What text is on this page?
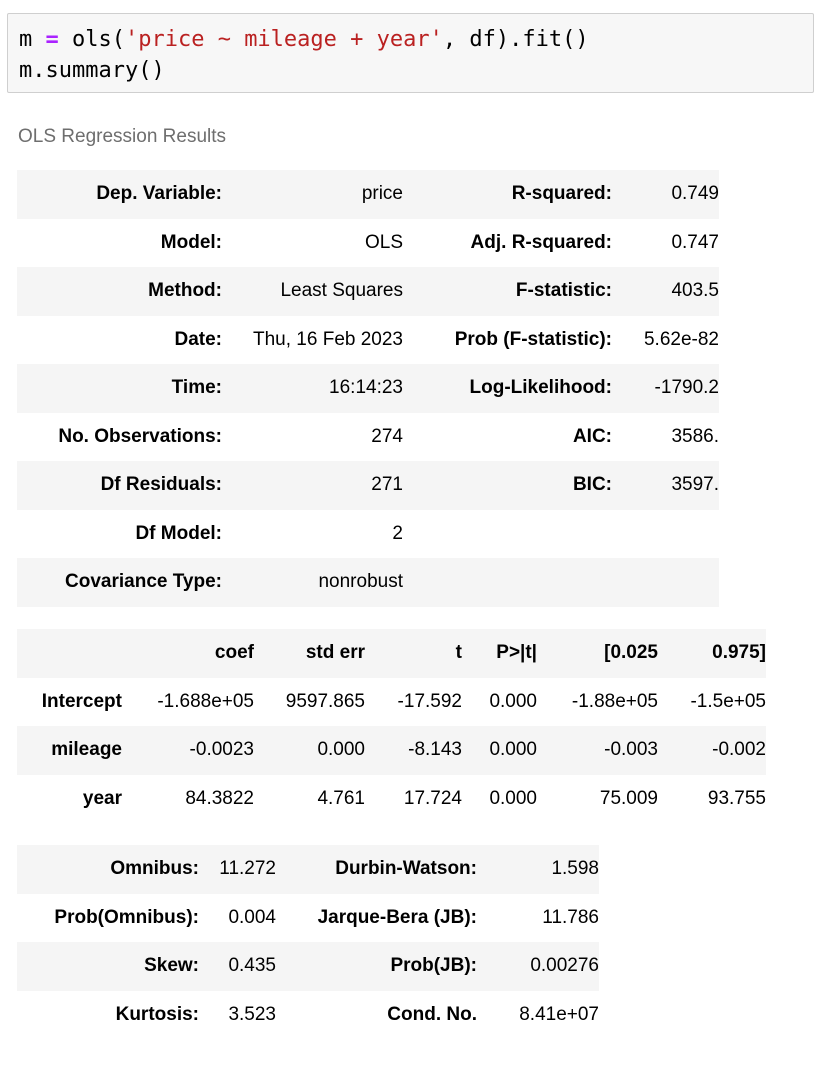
m = ols('price ~ mileage + year', df).fit()
m.summary()
OLS Regression Results
Dep. Variable:	price	R-squared:	0.749
Model:	OLS	Adj. R-squared:	0.747
Method:	Least Squares	F-statistic:	403.5
Date:	Thu, 16 Feb 2023	Prob (F-statistic):	5.62e-82
Time:	16:14:23	Log-Likelihood:	-1790.2
No. Observations:	274	AIC:	3586.
Df Residuals:	271	BIC:	3597.
Df Model:	2		
Covariance Type:	nonrobust		
	coef	std err	t	P>|t|	[0.025	0.975]
Intercept	-1.688e+05	9597.865	-17.592	0.000	-1.88e+05	-1.5e+05
mileage	-0.0023	0.000	-8.143	0.000	-0.003	-0.002
year	84.3822	4.761	17.724	0.000	75.009	93.755
Omnibus:	11.272	Durbin-Watson:	1.598
Prob(Omnibus):	0.004	Jarque-Bera (JB):	11.786
Skew:	0.435	Prob(JB):	0.00276
Kurtosis:	3.523	Cond. No.	8.41e+07
